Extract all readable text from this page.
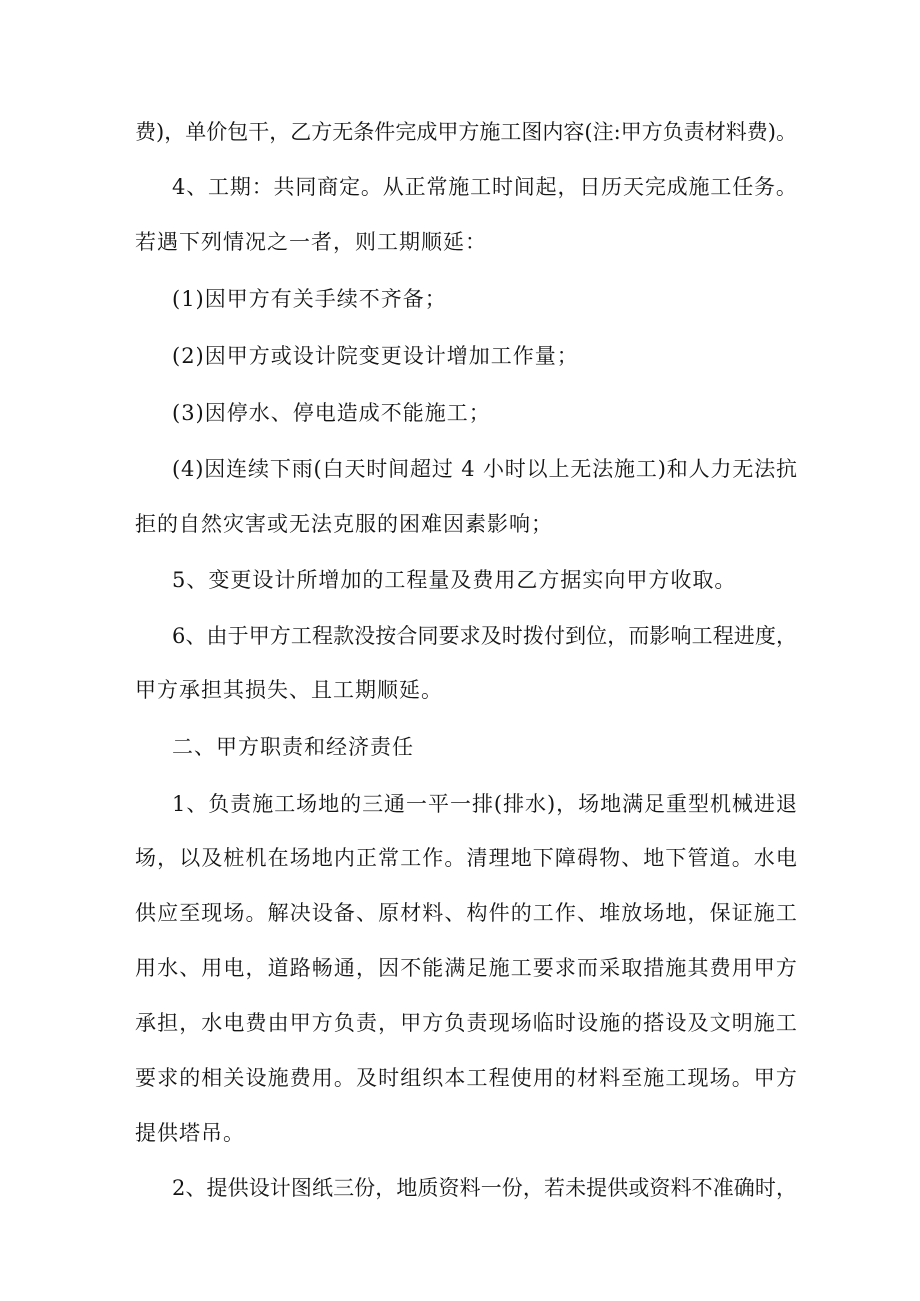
费)，单价包干，乙方无条件完成甲方施工图内容(注:甲方负责材料费)。
4、工期：共同商定。从正常施工时间起，日历天完成施工任务。
若遇下列情况之一者，则工期顺延：
(1)因甲方有关手续不齐备；
(2)因甲方或设计院变更设计增加工作量；
(3)因停水、停电造成不能施工；
(4)因连续下雨(白天时间超过 4 小时以上无法施工)和人力无法抗
拒的自然灾害或无法克服的困难因素影响；
5、变更设计所增加的工程量及费用乙方据实向甲方收取。
6、由于甲方工程款没按合同要求及时拨付到位，而影响工程进度，
甲方承担其损失、且工期顺延。
二、甲方职责和经济责任
1、负责施工场地的三通一平一排(排水)，场地满足重型机械进退
场，以及桩机在场地内正常工作。清理地下障碍物、地下管道。水电
供应至现场。解决设备、原材料、构件的工作、堆放场地，保证施工
用水、用电，道路畅通，因不能满足施工要求而采取措施其费用甲方
承担，水电费由甲方负责，甲方负责现场临时设施的搭设及文明施工
要求的相关设施费用。及时组织本工程使用的材料至施工现场。甲方
提供塔吊。
2、提供设计图纸三份，地质资料一份，若未提供或资料不准确时，
